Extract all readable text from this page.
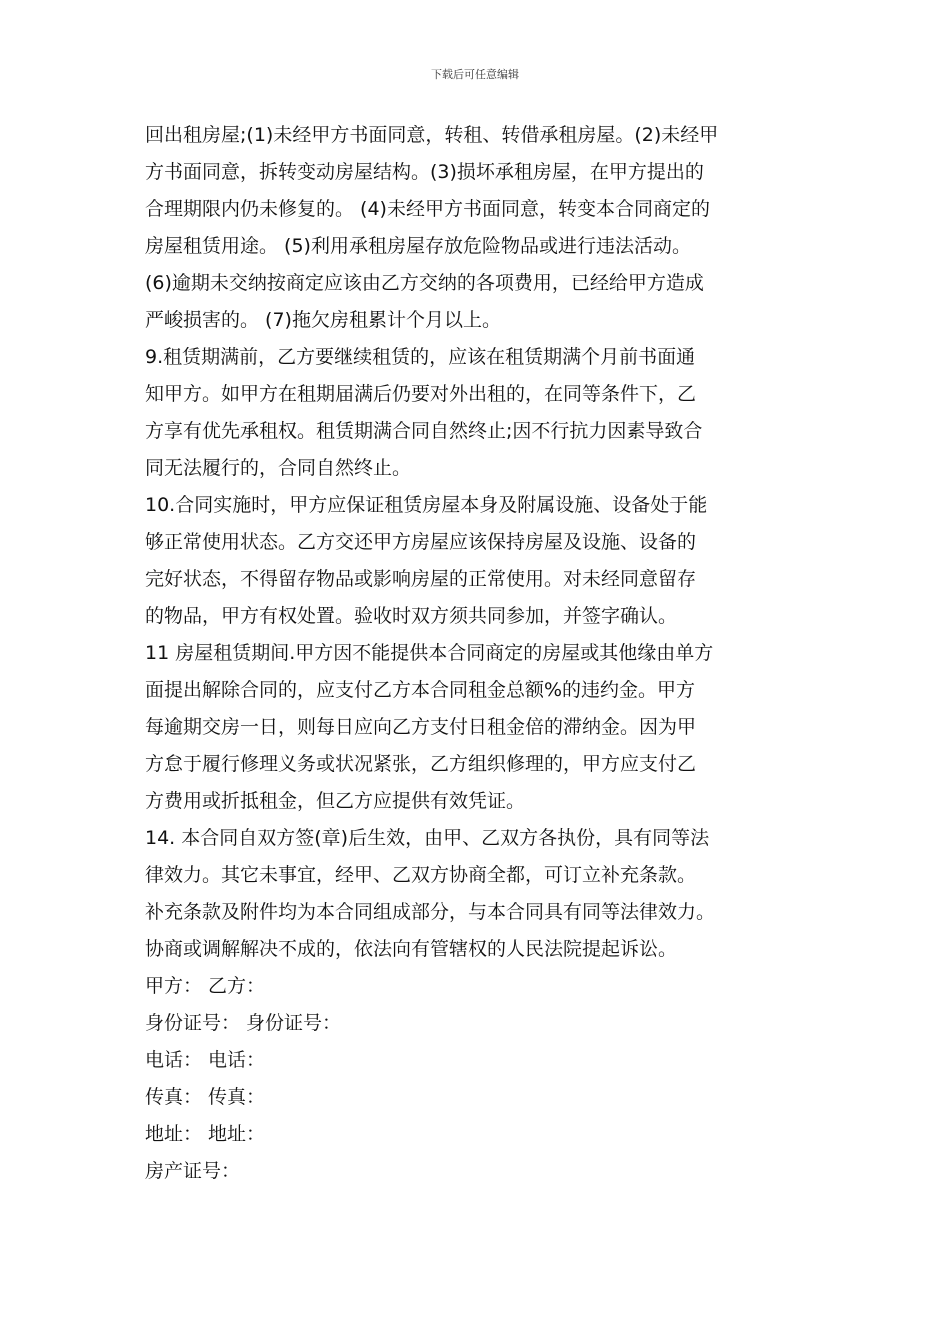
下载后可任意编辑
回出租房屋;(1)未经甲方书面同意，转租、转借承租房屋。(2)未经甲
方书面同意，拆转变动房屋结构。(3)损坏承租房屋，在甲方提出的
合理期限内仍未修复的。 (4)未经甲方书面同意，转变本合同商定的
房屋租赁用途。 (5)利用承租房屋存放危险物品或进行违法活动。
(6)逾期未交纳按商定应该由乙方交纳的各项费用，已经给甲方造成
严峻损害的。 (7)拖欠房租累计个月以上。
9.租赁期满前，乙方要继续租赁的，应该在租赁期满个月前书面通
知甲方。如甲方在租期届满后仍要对外出租的，在同等条件下，乙
方享有优先承租权。租赁期满合同自然终止;因不行抗力因素导致合
同无法履行的，合同自然终止。
10.合同实施时，甲方应保证租赁房屋本身及附属设施、设备处于能
够正常使用状态。乙方交还甲方房屋应该保持房屋及设施、设备的
完好状态，不得留存物品或影响房屋的正常使用。对未经同意留存
的物品，甲方有权处置。验收时双方须共同参加，并签字确认。
11 房屋租赁期间.甲方因不能提供本合同商定的房屋或其他缘由单方
面提出解除合同的，应支付乙方本合同租金总额%的违约金。甲方
每逾期交房一日，则每日应向乙方支付日租金倍的滞纳金。因为甲
方怠于履行修理义务或状况紧张，乙方组织修理的，甲方应支付乙
方费用或折抵租金，但乙方应提供有效凭证。
14. 本合同自双方签(章)后生效，由甲、乙双方各执份，具有同等法
律效力。其它未事宜，经甲、乙双方协商全都，可订立补充条款。
补充条款及附件均为本合同组成部分，与本合同具有同等法律效力。
协商或调解解决不成的，依法向有管辖权的人民法院提起诉讼。
甲方： 乙方：
身份证号： 身份证号：
电话： 电话：
传真： 传真：
地址： 地址：
房产证号：
